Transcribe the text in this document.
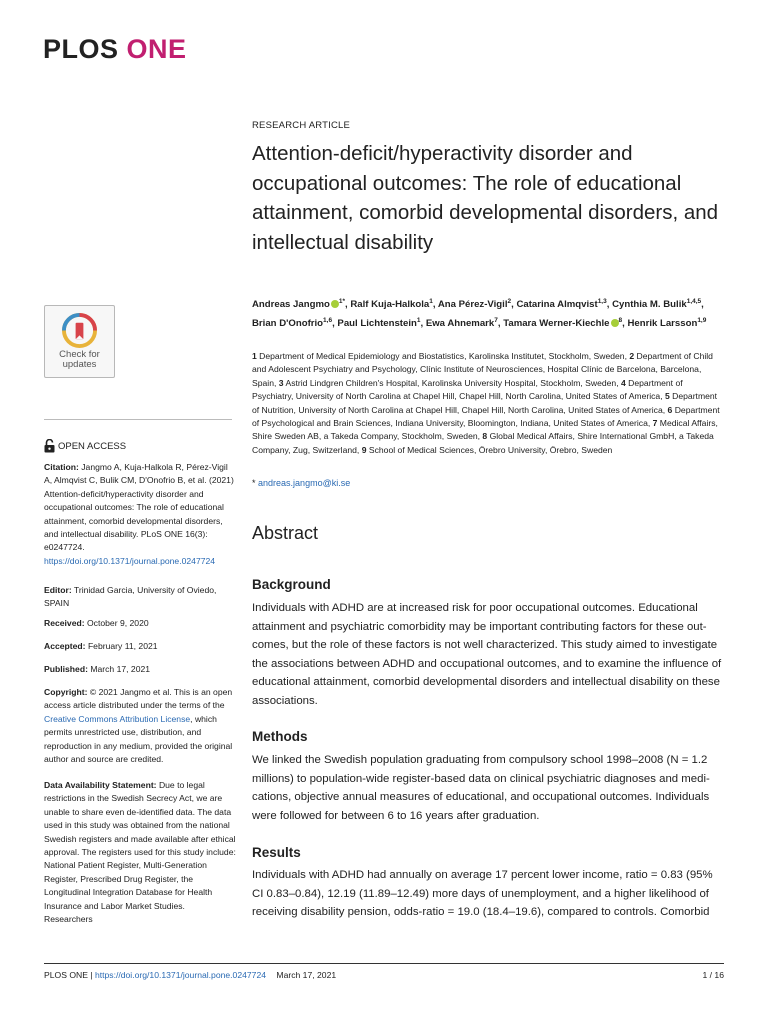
PLOS ONE
Check for
updates
OPEN ACCESS
Citation: Jangmo A, Kuja-Halkola R, Pérez-Vigil A, Almqvist C, Bulik CM, D'Onofrio B, et al. (2021) Attention-deficit/hyperactivity disorder and occupational outcomes: The role of educational attainment, comorbid developmental disorders, and intellectual disability. PLoS ONE 16(3): e0247724. https://doi.org/10.1371/journal.pone.0247724
Editor: Trinidad Garcia, University of Oviedo, SPAIN
Received: October 9, 2020
Accepted: February 11, 2021
Published: March 17, 2021
Copyright: © 2021 Jangmo et al. This is an open access article distributed under the terms of the Creative Commons Attribution License, which permits unrestricted use, distribution, and reproduction in any medium, provided the original author and source are credited.
Data Availability Statement: Due to legal restrictions in the Swedish Secrecy Act, we are unable to share even de-identified data. The data used in this study was obtained from the national Swedish registers and made available after ethical approval. The registers used for this study include: National Patient Register, Multi-Generation Register, Prescribed Drug Register, the Longitudinal Integration Database for Health Insurance and Labor Market Studies. Researchers
RESEARCH ARTICLE
Attention-deficit/hyperactivity disorder and occupational outcomes: The role of educational attainment, comorbid developmental disorders, and intellectual disability
Andreas Jangmo $^{1*}$, Ralf Kuja-Halkola$^1$, Ana Pérez-Vigil$^2$, Catarina Almqvist$^{1,3}$, Cynthia M. Bulik$^{1,4,5}$, Brian D'Onofrio$^{1,6}$, Paul Lichtenstein$^1$, Ewa Ahnemark$^7$, Tamara Werner-Kiechle $^8$, Henrik Larsson$^{1,9}$
1 Department of Medical Epidemiology and Biostatistics, Karolinska Institutet, Stockholm, Sweden, 2 Department of Child and Adolescent Psychiatry and Psychology, Clínic Institute of Neurosciences, Hospital Clínic de Barcelona, Barcelona, Spain, 3 Astrid Lindgren Children's Hospital, Karolinska University Hospital, Stockholm, Sweden, 4 Department of Psychiatry, University of North Carolina at Chapel Hill, Chapel Hill, North Carolina, United States of America, 5 Department of Nutrition, University of North Carolina at Chapel Hill, Chapel Hill, North Carolina, United States of America, 6 Department of Psychological and Brain Sciences, Indiana University, Bloomington, Indiana, United States of America, 7 Medical Affairs, Shire Sweden AB, a Takeda Company, Stockholm, Sweden, 8 Global Medical Affairs, Shire International GmbH, a Takeda Company, Zug, Switzerland, 9 School of Medical Sciences, Örebro University, Örebro, Sweden
* andreas.jangmo@ki.se
Abstract
Background
Individuals with ADHD are at increased risk for poor occupational outcomes. Educational attainment and psychiatric comorbidity may be important contributing factors for these out-comes, but the role of these factors is not well characterized. This study aimed to investigate the associations between ADHD and occupational outcomes, and to examine the influence of educational attainment, comorbid developmental disorders and intellectual disability on these associations.
Methods
We linked the Swedish population graduating from compulsory school 1998–2008 (N = 1.2 millions) to population-wide register-based data on clinical psychiatric diagnoses and medi-cations, objective annual measures of educational, and occupational outcomes. Individuals were followed for between 6 to 16 years after graduation.
Results
Individuals with ADHD had annually on average 17 percent lower income, ratio = 0.83 (95% CI 0.83–0.84), 12.19 (11.89–12.49) more days of unemployment, and a higher likelihood of receiving disability pension, odds-ratio = 19.0 (18.4–19.6), compared to controls. Comorbid
PLOS ONE | https://doi.org/10.1371/journal.pone.0247724 March 17, 2021	1 / 16
